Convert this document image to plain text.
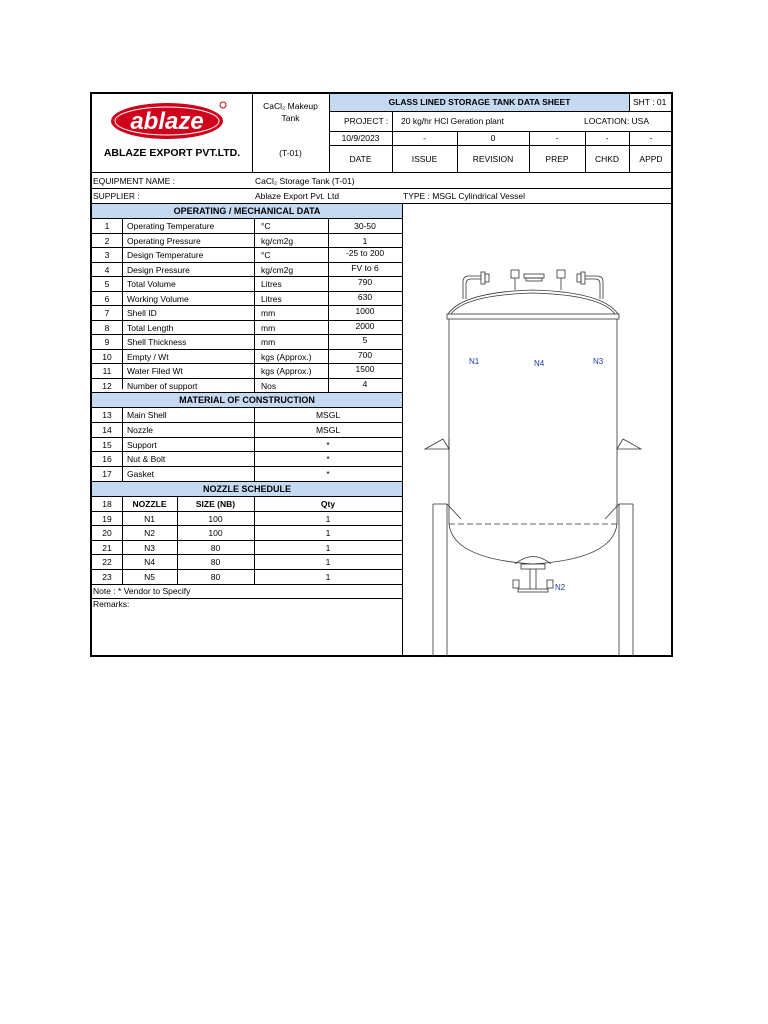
ablaze
ABLAZE EXPORT PVT.LTD.
CaCl₂ Makeup
Tank
(T-01)
GLASS LINED STORAGE TANK DATA SHEET	SHT : 01
PROJECT : 20 kg/hr HCl Geration plant	LOCATION: USA
10/9/2023	-	0	-	-	-
DATE	ISSUE	REVISION	PREP	CHKD	APPD
EQUIPMENT NAME :	CaCl₂ Storage Tank (T-01)
SUPPLIER :	Ablaze Export Pvt. Ltd	TYPE : MSGL Cylindrical Vessel
OPERATING / MECHANICAL DATA
1	Operating Temperature	°C	30-50
2	Operating Pressure	kg/cm2g	1
3	Design Temperature	°C	-25 to 200
4	Design Pressure	kg/cm2g	FV to 6
5	Total Volume	Litres	790
6	Working Volume	Litres	630
7	Shell ID	mm	1000
8	Total Length	mm	2000
9	Shell Thickness	mm	5
10	Empty / Wt	kgs (Approx.)	700
11	Water Filed Wt	kgs (Approx.)	1500
12	Number of support	Nos	4
MATERIAL OF CONSTRUCTION
13	Main Shell	MSGL
14	Nozzle	MSGL
15	Support	*
16	Nut & Bolt	*
17	Gasket	*
NOZZLE SCHEDULE
18	NOZZLE	SIZE (NB)	Qty
19	N1	100	1
20	N2	100	1
21	N3	80	1
22	N4	80	1
23	N5	80	1
Note : * Vendor to Specify
Remarks:
N1	N4	N3
N2
